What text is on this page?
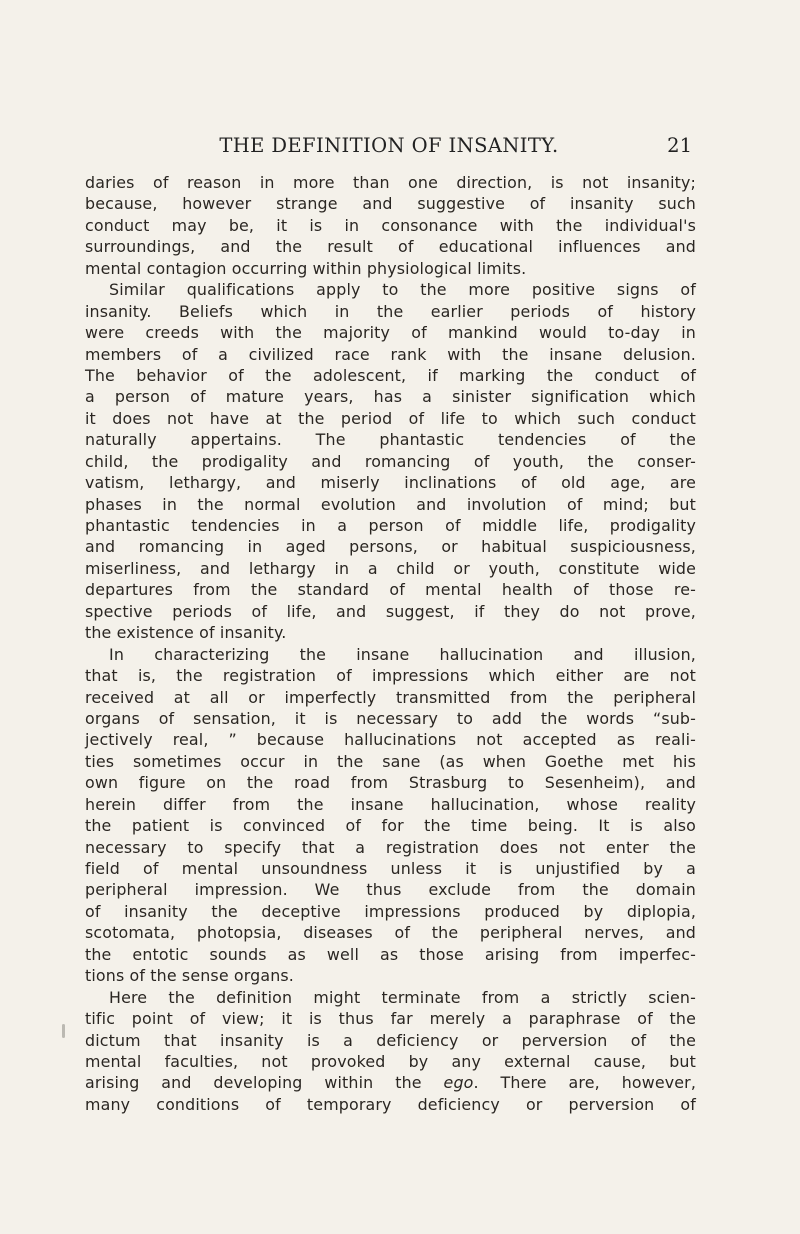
THE DEFINITION OF INSANITY.	21
daries of reason in more than one direction, is not insanity;
because, however strange and suggestive of insanity such
conduct may be, it is in consonance with the individual's
surroundings, and the result of educational influences and
mental contagion occurring within physiological limits.
Similar qualifications apply to the more positive signs of
insanity. Beliefs which in the earlier periods of history
were creeds with the majority of mankind would to-day in
members of a civilized race rank with the insane delusion.
The behavior of the adolescent, if marking the conduct of
a person of mature years, has a sinister signification which
it does not have at the period of life to which such conduct
naturally appertains. The phantastic tendencies of the
child, the prodigality and romancing of youth, the conser-
vatism, lethargy, and miserly inclinations of old age, are
phases in the normal evolution and involution of mind; but
phantastic tendencies in a person of middle life, prodigality
and romancing in aged persons, or habitual suspiciousness,
miserliness, and lethargy in a child or youth, constitute wide
departures from the standard of mental health of those re-
spective periods of life, and suggest, if they do not prove,
the existence of insanity.
In characterizing the insane hallucination and illusion,
that is, the registration of impressions which either are not
received at all or imperfectly transmitted from the peripheral
organs of sensation, it is necessary to add the words “sub-
jectively real, ” because hallucinations not accepted as reali-
ties sometimes occur in the sane (as when Goethe met his
own figure on the road from Strasburg to Sesenheim), and
herein differ from the insane hallucination, whose reality
the patient is convinced of for the time being. It is also
necessary to specify that a registration does not enter the
field of mental unsoundness unless it is unjustified by a
peripheral impression. We thus exclude from the domain
of insanity the deceptive impressions produced by diplopia,
scotomata, photopsia, diseases of the peripheral nerves, and
the entotic sounds as well as those arising from imperfec-
tions of the sense organs.
Here the definition might terminate from a strictly scien-
tific point of view; it is thus far merely a paraphrase of the
dictum that insanity is a deficiency or perversion of the
mental faculties, not provoked by any external cause, but
arising and developing within the ego. There are, however,
many conditions of temporary deficiency or perversion of
